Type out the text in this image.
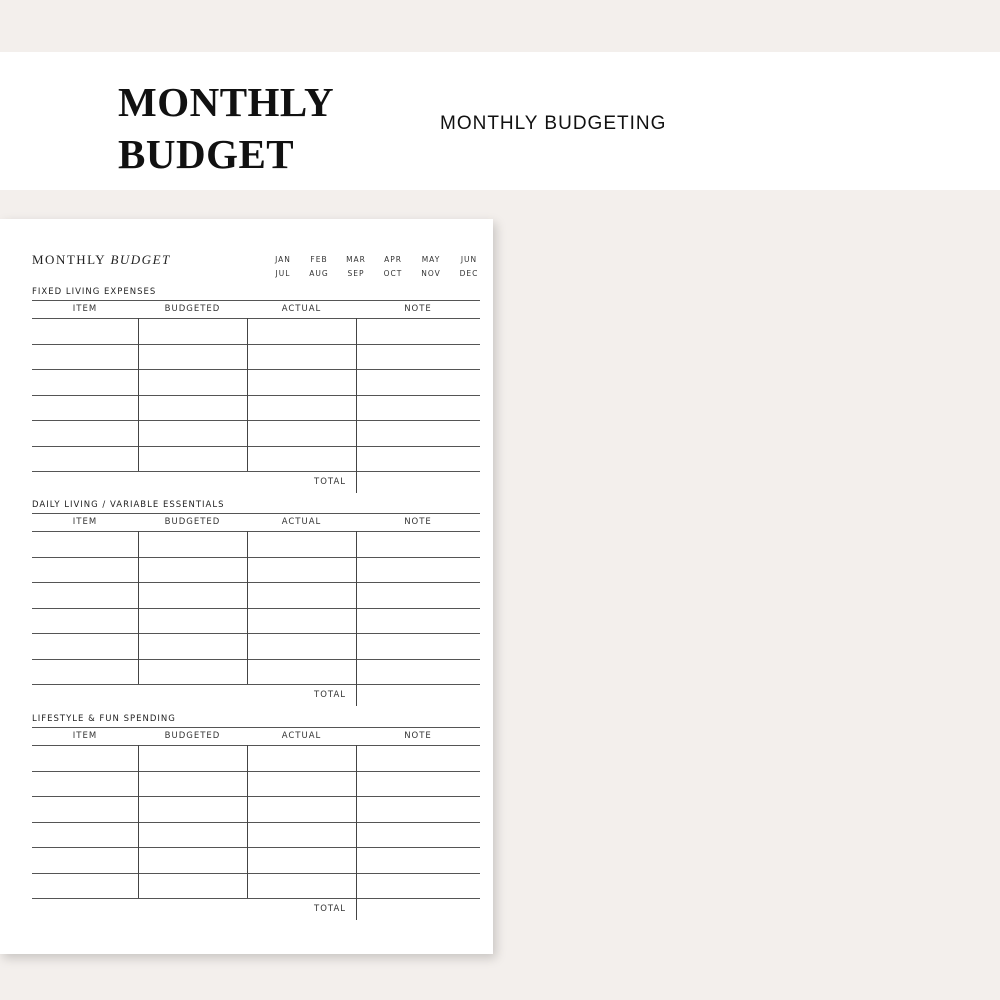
MONTHLY
BUDGET
MONTHLY BUDGETING
MONTHLY BUDGET	JAN	FEB	MAR	APR	MAY	JUN
JUL	AUG	SEP	OCT	NOV	DEC
FIXED LIVING EXPENSES
ITEM	BUDGETED	ACTUAL	NOTE
TOTAL
DAILY LIVING / VARIABLE ESSENTIALS
ITEM	BUDGETED	ACTUAL	NOTE
TOTAL
LIFESTYLE & FUN SPENDING
ITEM	BUDGETED	ACTUAL	NOTE
TOTAL
